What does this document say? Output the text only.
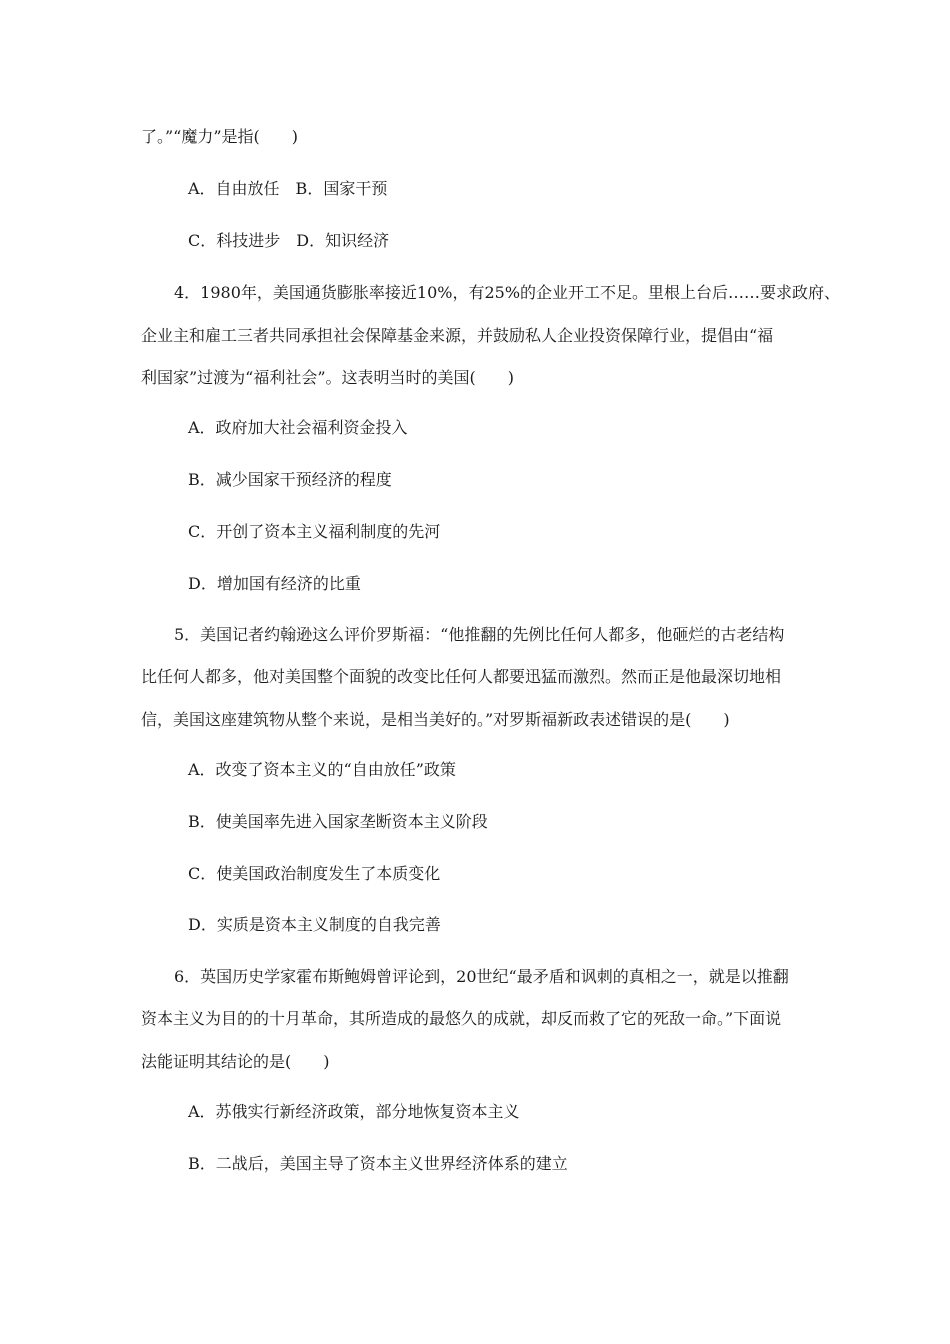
了。”“魔力”是指(　　)
A．自由放任　B．国家干预
C．科技进步　D．知识经济
4．1980年，美国通货膨胀率接近10%，有25%的企业开工不足。里根上台后……要求政府、
企业主和雇工三者共同承担社会保障基金来源，并鼓励私人企业投资保障行业，提倡由“福
利国家”过渡为“福利社会”。这表明当时的美国(　　)
A．政府加大社会福利资金投入
B．减少国家干预经济的程度
C．开创了资本主义福利制度的先河
D．增加国有经济的比重
5．美国记者约翰逊这么评价罗斯福：“他推翻的先例比任何人都多，他砸烂的古老结构
比任何人都多，他对美国整个面貌的改变比任何人都要迅猛而激烈。然而正是他最深切地相
信，美国这座建筑物从整个来说，是相当美好的。”对罗斯福新政表述错误的是(　　)
A．改变了资本主义的“自由放任”政策
B．使美国率先进入国家垄断资本主义阶段
C．使美国政治制度发生了本质变化
D．实质是资本主义制度的自我完善
6．英国历史学家霍布斯鲍姆曾评论到，20世纪“最矛盾和讽刺的真相之一，就是以推翻
资本主义为目的的十月革命，其所造成的最悠久的成就，却反而救了它的死敌一命。”下面说
法能证明其结论的是(　　)
A．苏俄实行新经济政策，部分地恢复资本主义
B．二战后，美国主导了资本主义世界经济体系的建立
